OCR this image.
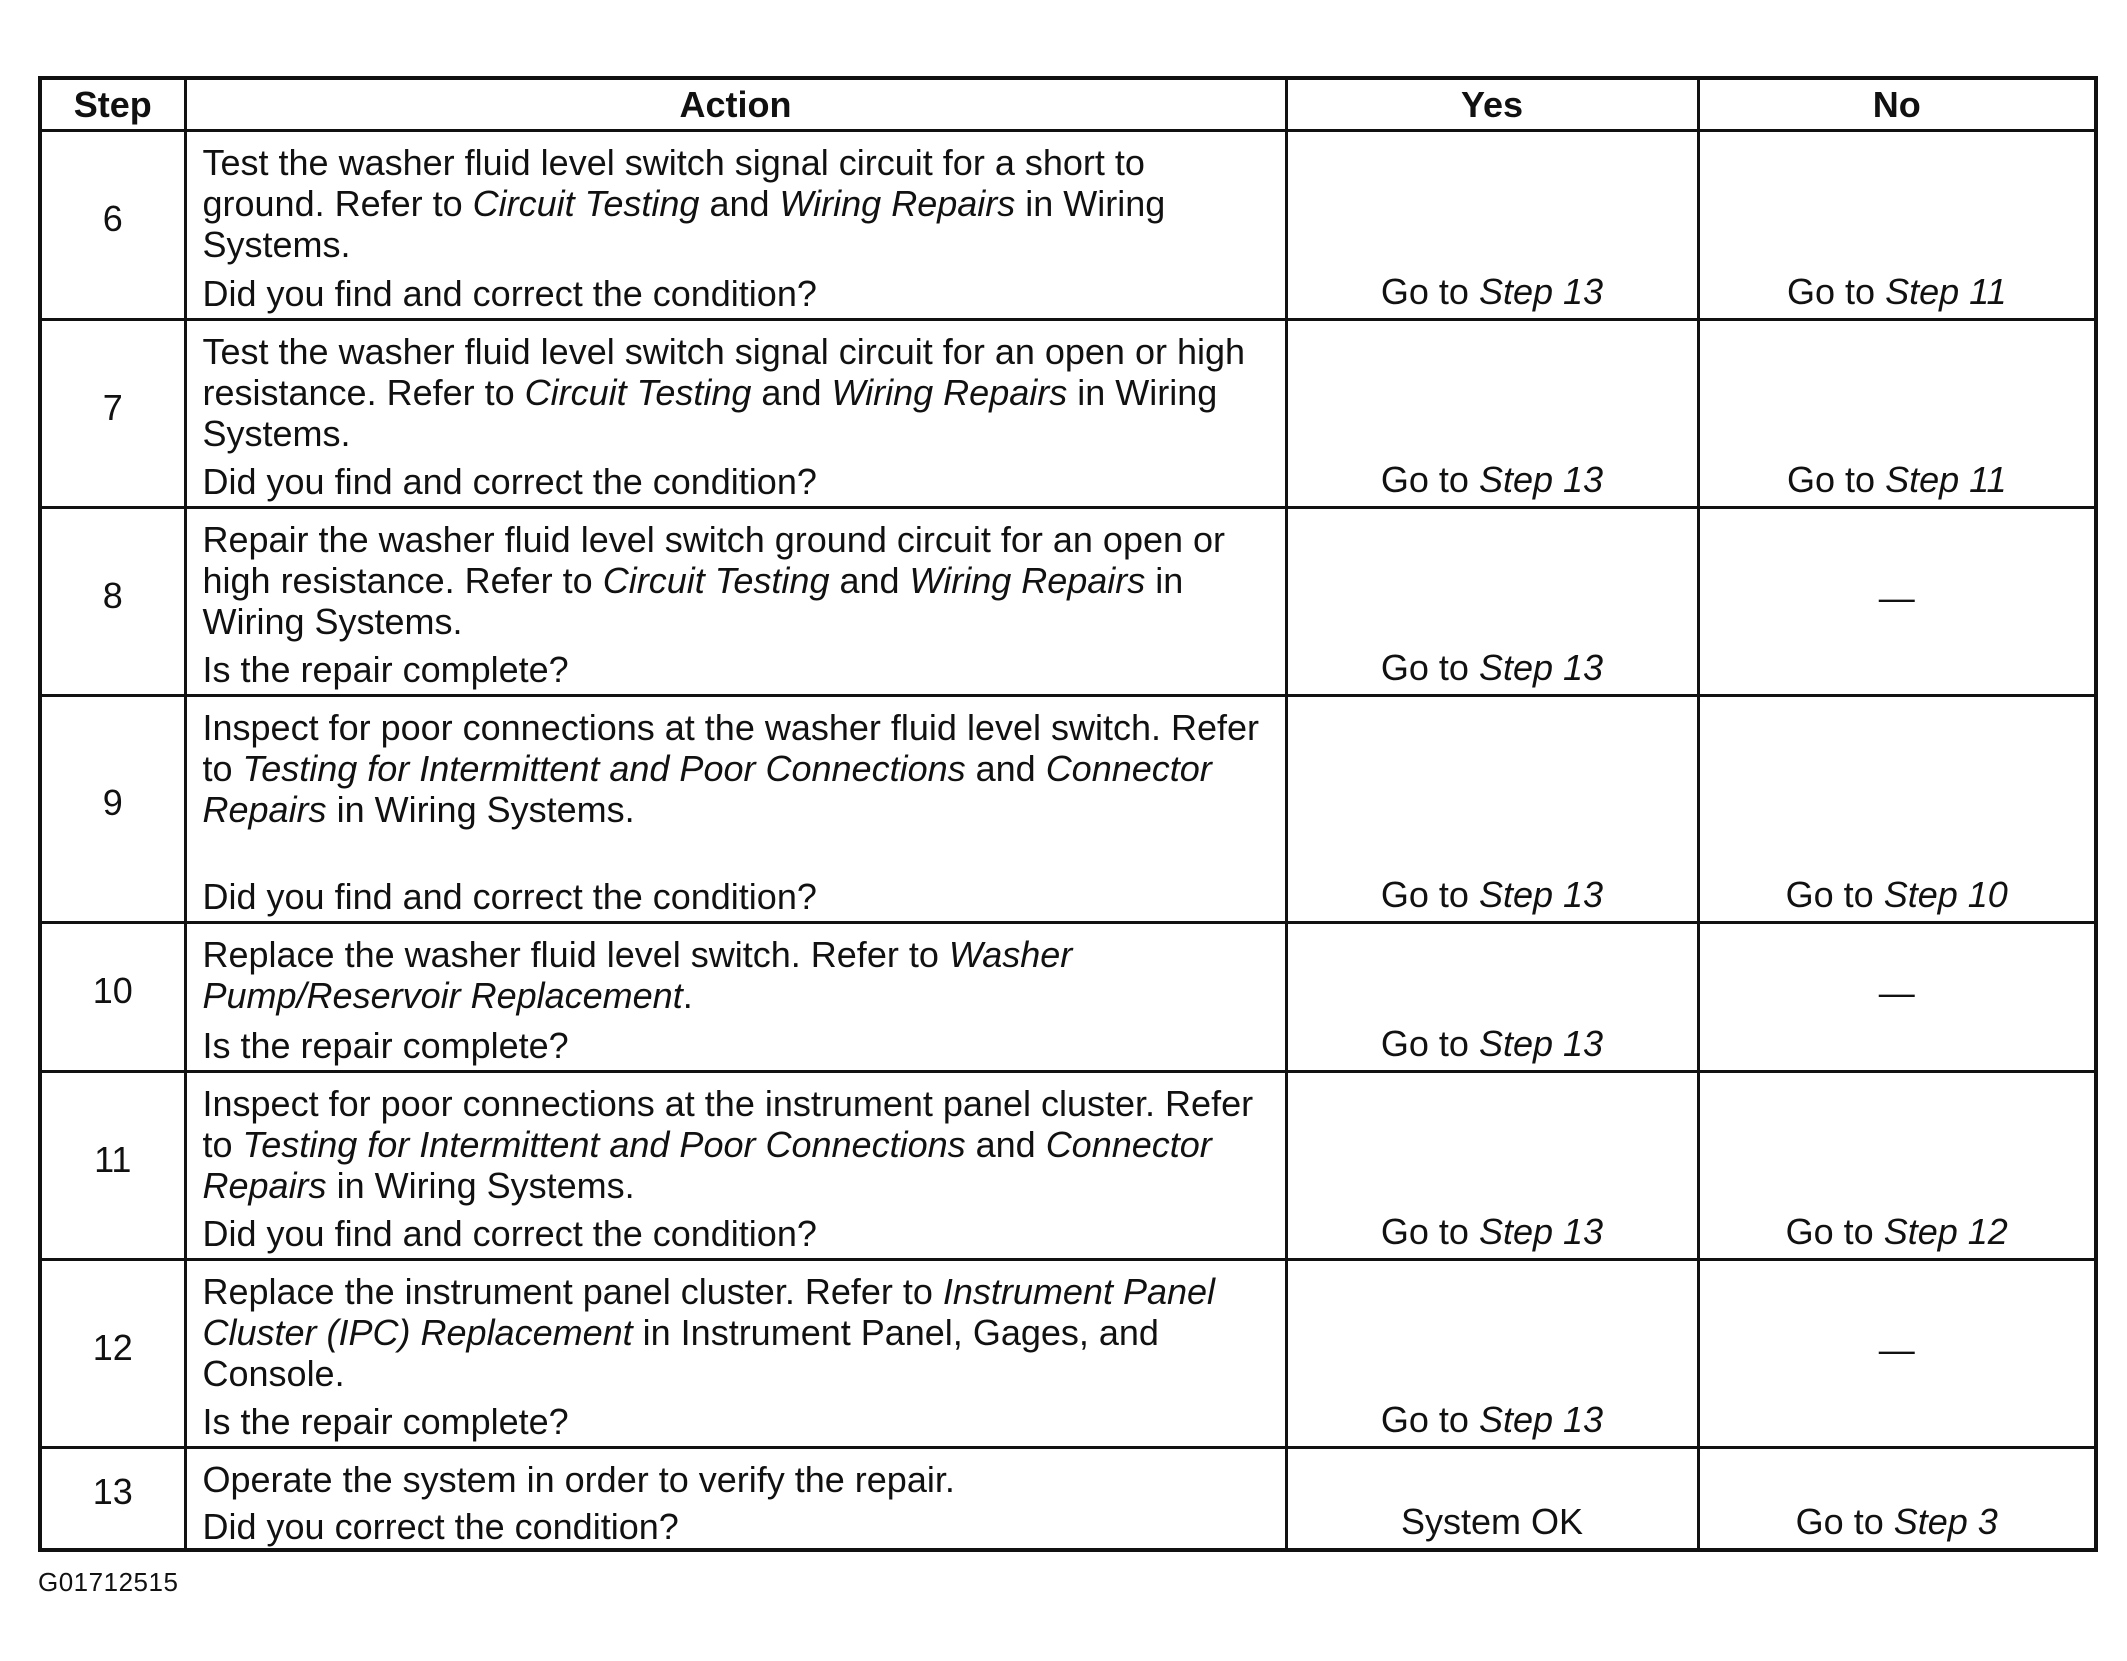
Step	Action	Yes	No
6	Test the washer fluid level switch signal circuit for a short to ground. Refer to Circuit Testing and Wiring Repairs in Wiring Systems.

Did you find and correct the condition?	Go to Step 13	Go to Step 11
7	Test the washer fluid level switch signal circuit for an open or high resistance. Refer to Circuit Testing and Wiring Repairs in Wiring Systems.

Did you find and correct the condition?	Go to Step 13	Go to Step 11
8	Repair the washer fluid level switch ground circuit for an open or high resistance. Refer to Circuit Testing and Wiring Repairs in Wiring Systems.

Is the repair complete?	Go to Step 13	—
9	Inspect for poor connections at the washer fluid level switch. Refer to Testing for Intermittent and Poor Connections and Connector Repairs in Wiring Systems.

Did you find and correct the condition?	Go to Step 13	Go to Step 10
10	Replace the washer fluid level switch. Refer to Washer Pump/Reservoir Replacement.

Is the repair complete?	Go to Step 13	—
11	Inspect for poor connections at the instrument panel cluster. Refer to Testing for Intermittent and Poor Connections and Connector Repairs in Wiring Systems.

Did you find and correct the condition?	Go to Step 13	Go to Step 12
12	Replace the instrument panel cluster. Refer to Instrument Panel Cluster (IPC) Replacement in Instrument Panel, Gages, and Console.

Is the repair complete?	Go to Step 13	—
13	Operate the system in order to verify the repair.

Did you correct the condition?	System OK	Go to Step 3
G01712515
